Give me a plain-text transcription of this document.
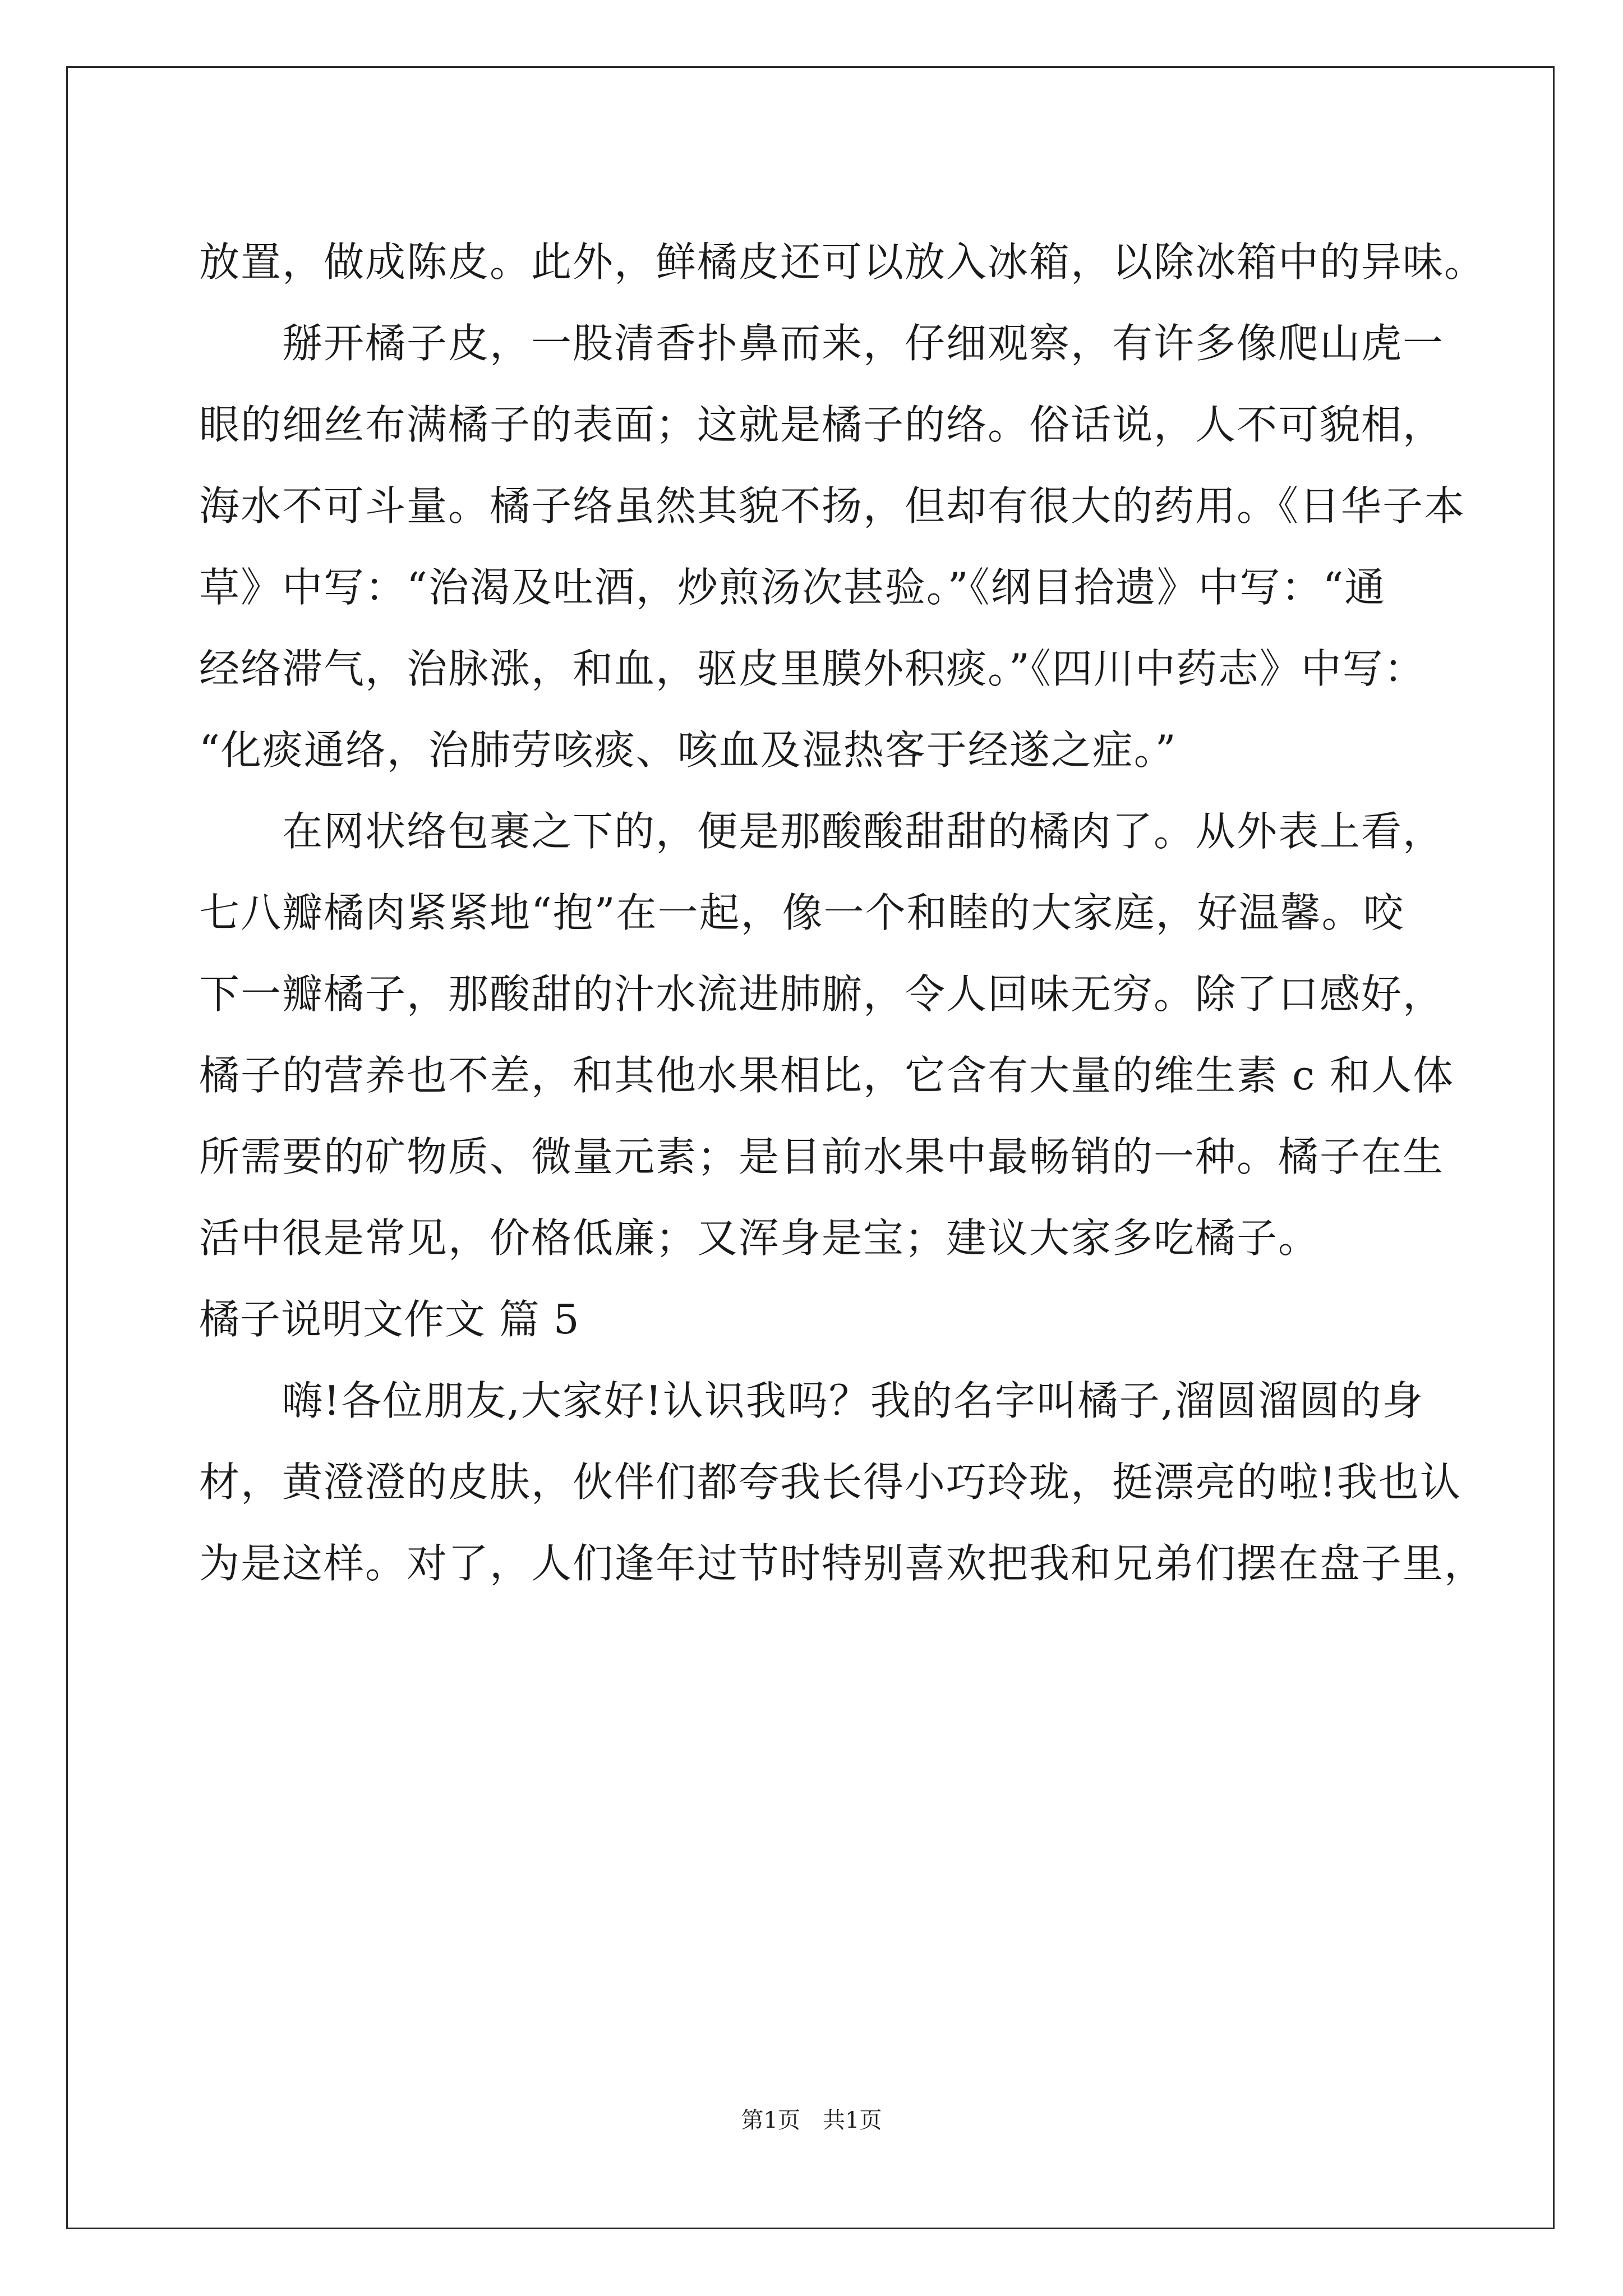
放置，做成陈皮。此外，鲜橘皮还可以放入冰箱，以除冰箱中的异味。
掰开橘子皮，一股清香扑鼻而来，仔细观察，有许多像爬山虎一
眼的细丝布满橘子的表面；这就是橘子的络。俗话说，人不可貌相，
海水不可斗量。橘子络虽然其貌不扬，但却有很大的药用。《日华子本
草》中写：“治渴及吐酒，炒煎汤次甚验。”《纲目拾遗》中写：“通
经络滞气，治脉涨，和血，驱皮里膜外积痰。”《四川中药志》中写：
“化痰通络，治肺劳咳痰、咳血及湿热客于经遂之症。”
在网状络包裹之下的，便是那酸酸甜甜的橘肉了。从外表上看，
七八瓣橘肉紧紧地“抱”在一起，像一个和睦的大家庭，好温馨。咬
下一瓣橘子，那酸甜的汁水流进肺腑，令人回味无穷。除了口感好，
橘子的营养也不差，和其他水果相比，它含有大量的维生素 c 和人体
所需要的矿物质、微量元素；是目前水果中最畅销的一种。橘子在生
活中很是常见，价格低廉；又浑身是宝；建议大家多吃橘子。
橘子说明文作文 篇 5
嗨!各位朋友,大家好!认识我吗？我的名字叫橘子,溜圆溜圆的身
材，黄澄澄的皮肤，伙伴们都夸我长得小巧玲珑，挺漂亮的啦!我也认
为是这样。对了，人们逢年过节时特别喜欢把我和兄弟们摆在盘子里，
第1页 共1页
